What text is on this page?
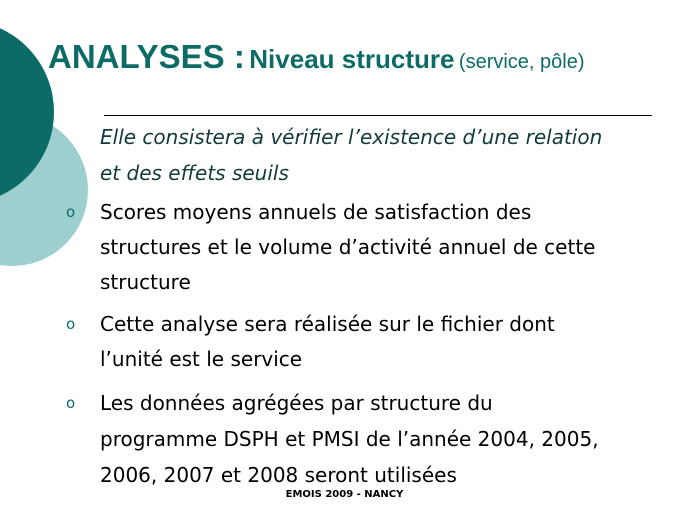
ANALYSES : Niveau structure (service, pôle)
Elle consistera à vérifier l’existence d’une relation
et des effets seuils
o Scores moyens annuels de satisfaction des
structures et le volume d’activité annuel de cette
structure
o Cette analyse sera réalisée sur le fichier dont
l’unité est le service
o Les données agrégées par structure du
programme DSPH et PMSI de l’année 2004, 2005,
2006, 2007 et 2008 seront utilisées
EMOIS 2009 - NANCY
